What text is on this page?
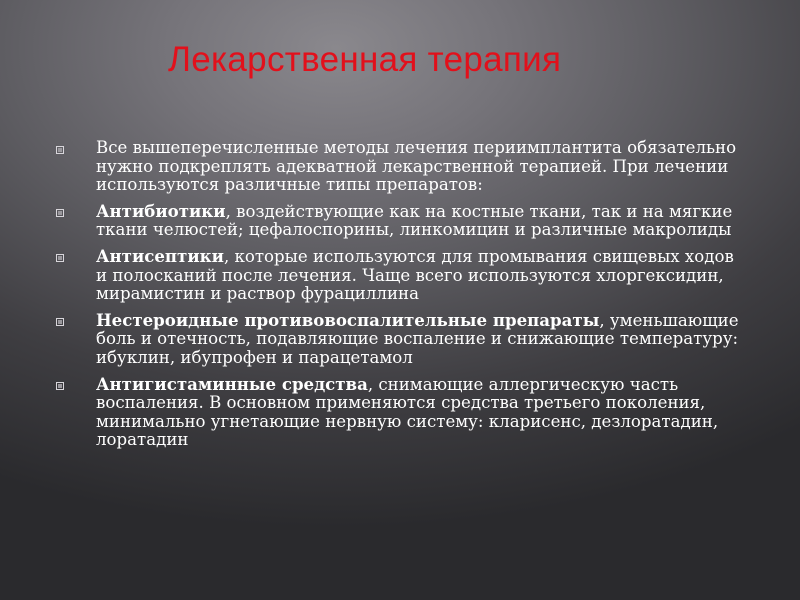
Лекарственная терапия
Все вышеперечисленные методы лечения периимплантита обязательно нужно подкреплять адекватной лекарственной терапией. При лечении используются различные типы препаратов:
Антибиотики, воздействующие как на костные ткани, так и на мягкие ткани челюстей; цефалоспорины, линкомицин и различные макролиды
Антисептики, которые используются для промывания свищевых ходов и полосканий после лечения. Чаще всего используются хлоргексидин, мирамистин и раствор фурациллина
Нестероидные противовоспалительные препараты, уменьшающие боль и отечность, подавляющие воспаление и снижающие температуру: ибуклин, ибупрофен и парацетамол
Антигистаминные средства, снимающие аллергическую часть воспаления. В основном применяются средства третьего поколения, минимально угнетающие нервную систему: кларисенс, дезлоратадин, лоратадин
